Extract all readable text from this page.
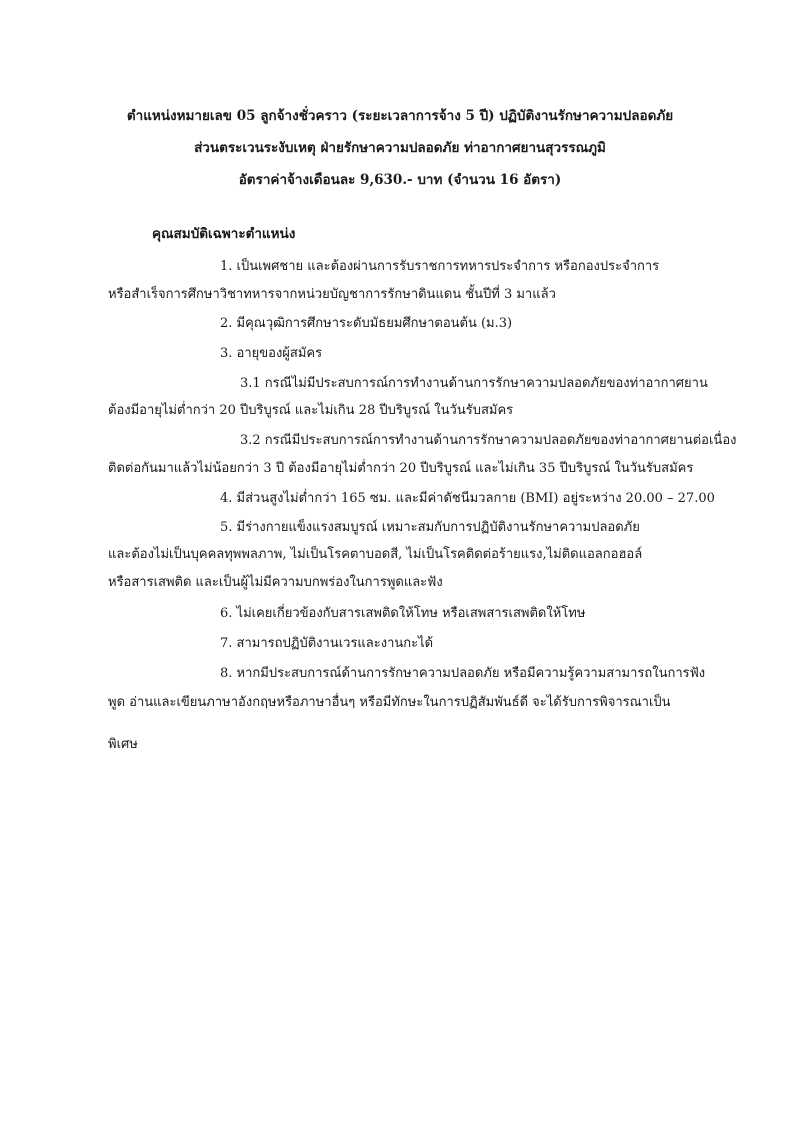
ตำแหน่งหมายเลข 05 ลูกจ้างชั่วคราว (ระยะเวลาการจ้าง 5 ปี) ปฏิบัติงานรักษาความปลอดภัย
ส่วนตระเวนระงับเหตุ ฝ่ายรักษาความปลอดภัย ท่าอากาศยานสุวรรณภูมิ
อัตราค่าจ้างเดือนละ 9,630.- บาท (จำนวน 16 อัตรา)
คุณสมบัติเฉพาะตำแหน่ง
1. เป็นเพศชาย และต้องผ่านการรับราชการทหารประจำการ หรือกองประจำการ
หรือสำเร็จการศึกษาวิชาทหารจากหน่วยบัญชาการรักษาดินแดน ชั้นปีที่ 3 มาแล้ว
2. มีคุณวุฒิการศึกษาระดับมัธยมศึกษาตอนต้น (ม.3)
3. อายุของผู้สมัคร
3.1 กรณีไม่มีประสบการณ์การทำงานด้านการรักษาความปลอดภัยของท่าอากาศยาน
ต้องมีอายุไม่ต่ำกว่า 20 ปีบริบูรณ์ และไม่เกิน 28 ปีบริบูรณ์ ในวันรับสมัคร
3.2 กรณีมีประสบการณ์การทำงานด้านการรักษาความปลอดภัยของท่าอากาศยานต่อเนื่อง
ติดต่อกันมาแล้วไม่น้อยกว่า 3 ปี ต้องมีอายุไม่ต่ำกว่า 20 ปีบริบูรณ์ และไม่เกิน 35 ปีบริบูรณ์ ในวันรับสมัคร
4. มีส่วนสูงไม่ต่ำกว่า 165 ซม. และมีค่าดัชนีมวลกาย (BMI) อยู่ระหว่าง 20.00 – 27.00
5. มีร่างกายแข็งแรงสมบูรณ์ เหมาะสมกับการปฏิบัติงานรักษาความปลอดภัย
และต้องไม่เป็นบุคคลทุพพลภาพ, ไม่เป็นโรคตาบอดสี, ไม่เป็นโรคติดต่อร้ายแรง,ไม่ติดแอลกอฮอล์
หรือสารเสพติด และเป็นผู้ไม่มีความบกพร่องในการพูดและฟัง
6. ไม่เคยเกี่ยวข้องกับสารเสพติดให้โทษ หรือเสพสารเสพติดให้โทษ
7. สามารถปฏิบัติงานเวรและงานกะได้
8. หากมีประสบการณ์ด้านการรักษาความปลอดภัย หรือมีความรู้ความสามารถในการฟัง
พูด อ่านและเขียนภาษาอังกฤษหรือภาษาอื่นๆ หรือมีทักษะในการปฏิสัมพันธ์ดี จะได้รับการพิจารณาเป็น
พิเศษ
